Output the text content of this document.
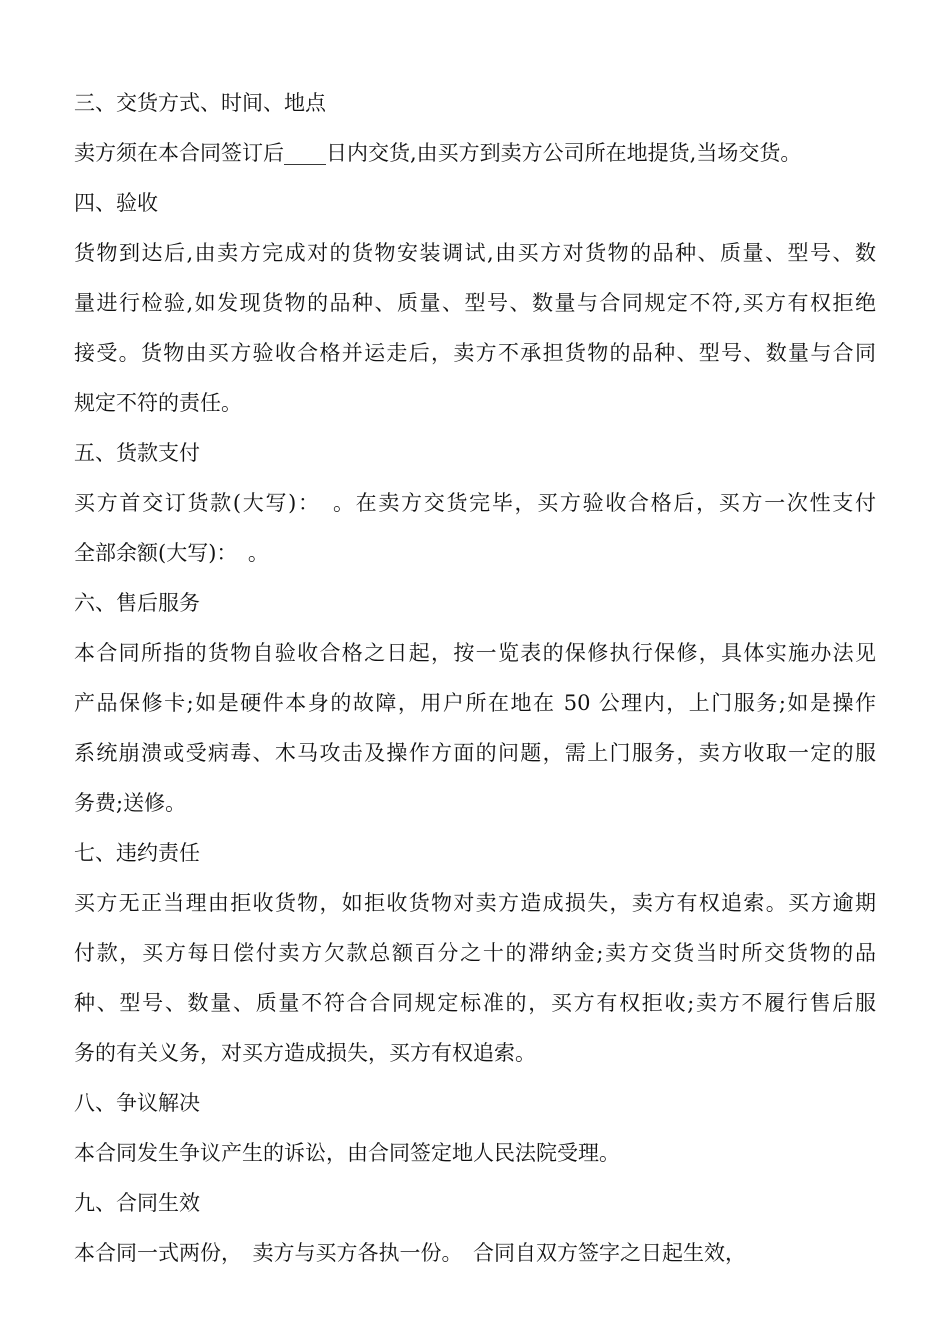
三、交货方式、时间、地点
卖方须在本合同签订后____日内交货,由买方到卖方公司所在地提货,当场交货。
四、验收
货物到达后,由卖方完成对的货物安装调试,由买方对货物的品种、质量、型号、数
量进行检验,如发现货物的品种、质量、型号、数量与合同规定不符,买方有权拒绝
接受。货物由买方验收合格并运走后，卖方不承担货物的品种、型号、数量与合同
规定不符的责任。
五、货款支付
买方首交订货款(大写)：　。在卖方交货完毕，买方验收合格后，买方一次性支付
全部余额(大写)：　。
六、售后服务
本合同所指的货物自验收合格之日起，按一览表的保修执行保修，具体实施办法见
产品保修卡;如是硬件本身的故障，用户所在地在 50 公理内，上门服务;如是操作
系统崩溃或受病毒、木马攻击及操作方面的问题，需上门服务，卖方收取一定的服
务费;送修。
七、违约责任
买方无正当理由拒收货物，如拒收货物对卖方造成损失，卖方有权追索。买方逾期
付款，买方每日偿付卖方欠款总额百分之十的滞纳金;卖方交货当时所交货物的品
种、型号、数量、质量不符合合同规定标准的，买方有权拒收;卖方不履行售后服
务的有关义务，对买方造成损失，买方有权追索。
八、争议解决
本合同发生争议产生的诉讼，由合同签定地人民法院受理。
九、合同生效
本合同一式两份，　卖方与买方各执一份。　合同自双方签字之日起生效，
